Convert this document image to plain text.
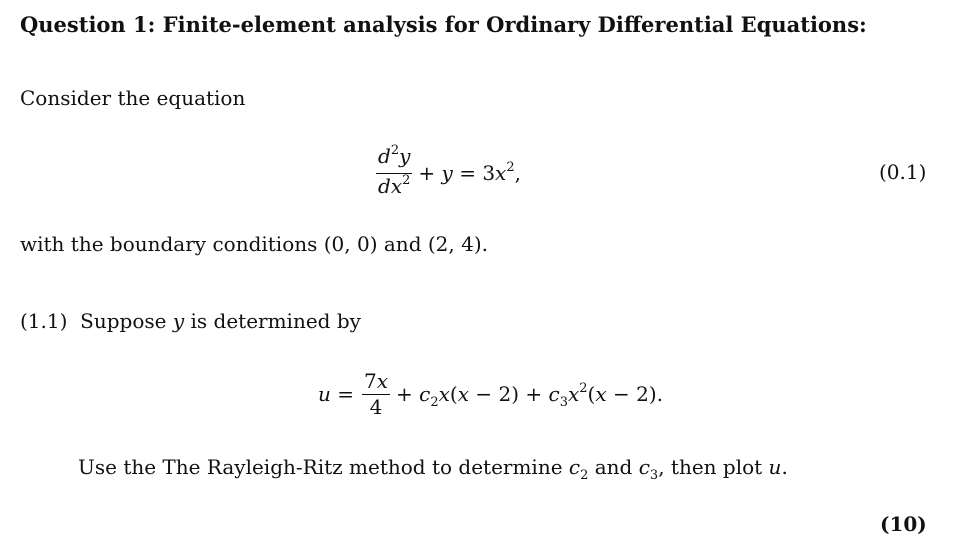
Question 1: Finite-element analysis for Ordinary Differential Equations:
Consider the equation
$\frac{d^2y}{dx^2} + y = 3x^2$,	(0.1)
with the boundary conditions (0, 0) and (2, 4).
(1.1)  Suppose y is determined by
$u = \frac{7x}{4} + c_2x(x - 2) + c_3x^2(x - 2)$.
Use the The Rayleigh-Ritz method to determine $c_2$ and $c_3$, then plot u.
(10)
